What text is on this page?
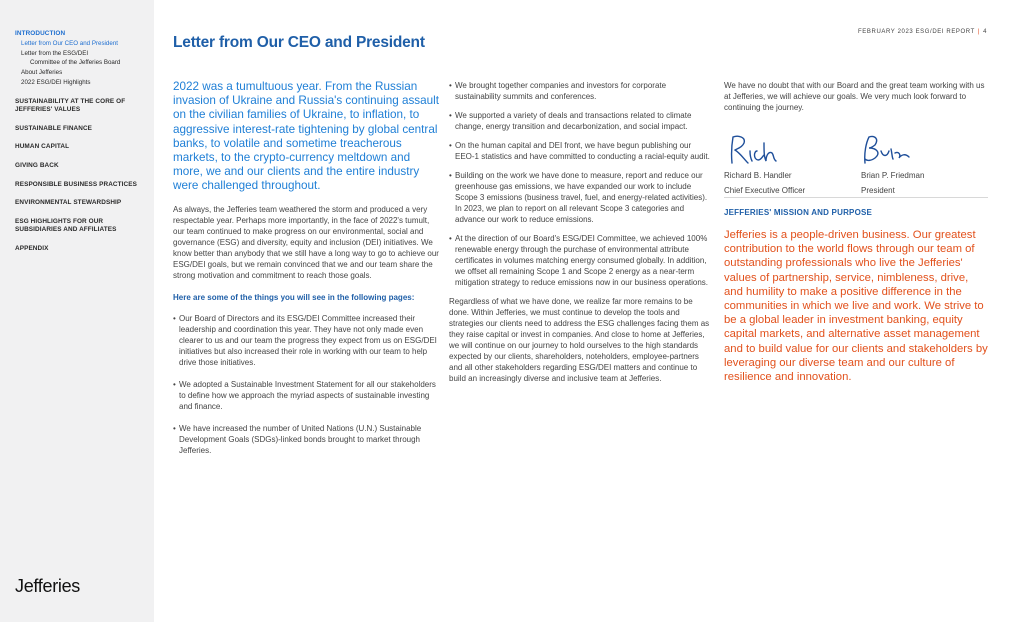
INTRODUCTION
Letter from Our CEO and President
Letter from the ESG/DEI
Committee of the Jefferies Board
About Jefferies
2022 ESG/DEI Highlights
SUSTAINABILITY AT THE CORE OF
JEFFERIES' VALUES
SUSTAINABLE FINANCE
HUMAN CAPITAL
GIVING BACK
RESPONSIBLE BUSINESS PRACTICES
ENVIRONMENTAL STEWARDSHIP
ESG HIGHLIGHTS FOR OUR
SUBSIDIARIES AND AFFILIATES
APPENDIX
Jefferies
FEBRUARY 2023 ESG/DEI REPORT | 4
Letter from Our CEO and President

2022 was a tumultuous year. From the Russian invasion of Ukraine and Russia's continuing assault on the civilian families of Ukraine, to inflation, to aggressive interest-rate tightening by global central banks, to volatile and sometime treacherous markets, to the crypto-currency meltdown and more, we and our clients and the entire industry were challenged throughout.

As always, the Jefferies team weathered the storm and produced a very respectable year. Perhaps more importantly, in the face of 2022's tumult, our team continued to make progress on our environmental, social and governance (ESG) and diversity, equity and inclusion (DEI) initiatives. We know better than anybody that we still have a long way to go to achieve our ESG/DEI goals, but we remain convinced that we and our team share the strong motivation and commitment to reach those goals.

Here are some of the things you will see in the following pages:

• Our Board of Directors and its ESG/DEI Committee increased their leadership and coordination this year. They have not only made even clearer to us and our team the progress they expect from us on ESG/DEI initiatives but also increased their role in working with our team to help drive those initiatives.

• We adopted a Sustainable Investment Statement for all our stakeholders to define how we approach the myriad aspects of sustainable investing and finance.

• We have increased the number of United Nations (U.N.) Sustainable Development Goals (SDGs)-linked bonds brought to market through Jefferies.

• We brought together companies and investors for corporate sustainability summits and conferences.

• We supported a variety of deals and transactions related to climate change, energy transition and decarbonization, and social impact.

• On the human capital and DEI front, we have begun publishing our EEO-1 statistics and have committed to conducting a racial-equity audit.

• Building on the work we have done to measure, report and reduce our greenhouse gas emissions, we have expanded our work to include Scope 3 emissions (business travel, fuel, and energy-related activities). In 2023, we plan to report on all relevant Scope 3 categories and advance our work to reduce emissions.

• At the direction of our Board's ESG/DEI Committee, we achieved 100% renewable energy through the purchase of environmental attribute certificates in volumes matching energy consumed globally. In addition, we offset all remaining Scope 1 and Scope 2 energy as a near-term mitigation strategy to reduce emissions now in our business operations.

Regardless of what we have done, we realize far more remains to be done. Within Jefferies, we must continue to develop the tools and strategies our clients need to address the ESG challenges facing them as they raise capital or invest in companies. And close to home at Jefferies, we will continue on our journey to hold ourselves to the high standards expected by our clients, shareholders, noteholders, employee-partners and all other stakeholders regarding ESG/DEI matters and continue to build an increasingly diverse and inclusive team at Jefferies.

We have no doubt that with our Board and the great team working with us at Jefferies, we will achieve our goals. We very much look forward to continuing the journey.

Richard B. Handler
Chief Executive Officer
Brian P. Friedman
President
JEFFERIES' MISSION AND PURPOSE

Jefferies is a people-driven business. Our greatest contribution to the world flows through our team of outstanding professionals who live the Jefferies' values of partnership, service, nimbleness, drive, and humility to make a positive difference in the communities in which we live and work. We strive to be a global leader in investment banking, equity capital markets, and alternative asset management and to build value for our clients and stakeholders by leveraging our diverse team and our culture of resilience and innovation.
